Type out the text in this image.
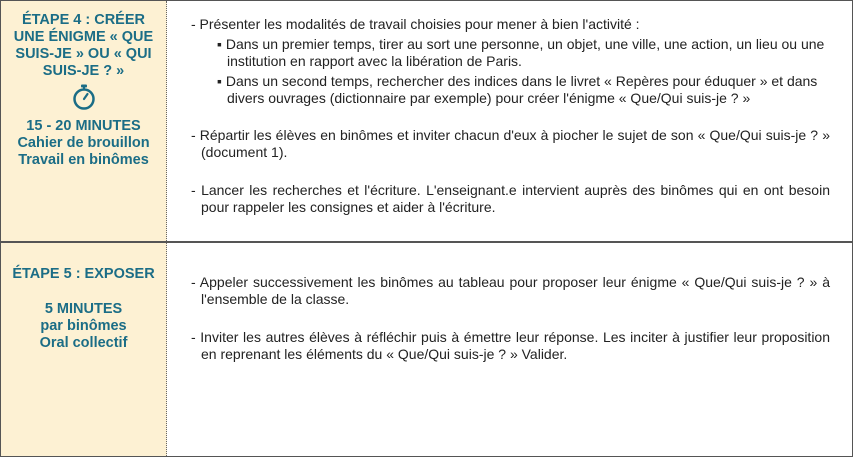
ÉTAPE 4 : CRÉER UNE ÉNIGME « QUE SUIS-JE » OU « QUI SUIS-JE ? »

15 - 20 MINUTES
Cahier de brouillon
Travail en binômes
- Présenter les modalités de travail choisies pour mener à bien l'activité :
▪ Dans un premier temps, tirer au sort une personne, un objet, une ville, une action, un lieu ou une institution en rapport avec la libération de Paris.
▪ Dans un second temps, rechercher des indices dans le livret « Repères pour éduquer » et dans divers ouvrages (dictionnaire par exemple) pour créer l'énigme « Que/Qui suis-je ? »
- Répartir les élèves en binômes et inviter chacun d'eux à piocher le sujet de son « Que/Qui suis-je ? » (document 1).
- Lancer les recherches et l'écriture. L'enseignant.e intervient auprès des binômes qui en ont besoin pour rappeler les consignes et aider à l'écriture.

ÉTAPE 5 : EXPOSER

5 MINUTES
par binômes
Oral collectif
- Appeler successivement les binômes au tableau pour proposer leur énigme « Que/Qui suis-je ? » à l'ensemble de la classe.
- Inviter les autres élèves à réfléchir puis à émettre leur réponse. Les inciter à justifier leur proposition en reprenant les éléments du « Que/Qui suis-je ? » Valider.
